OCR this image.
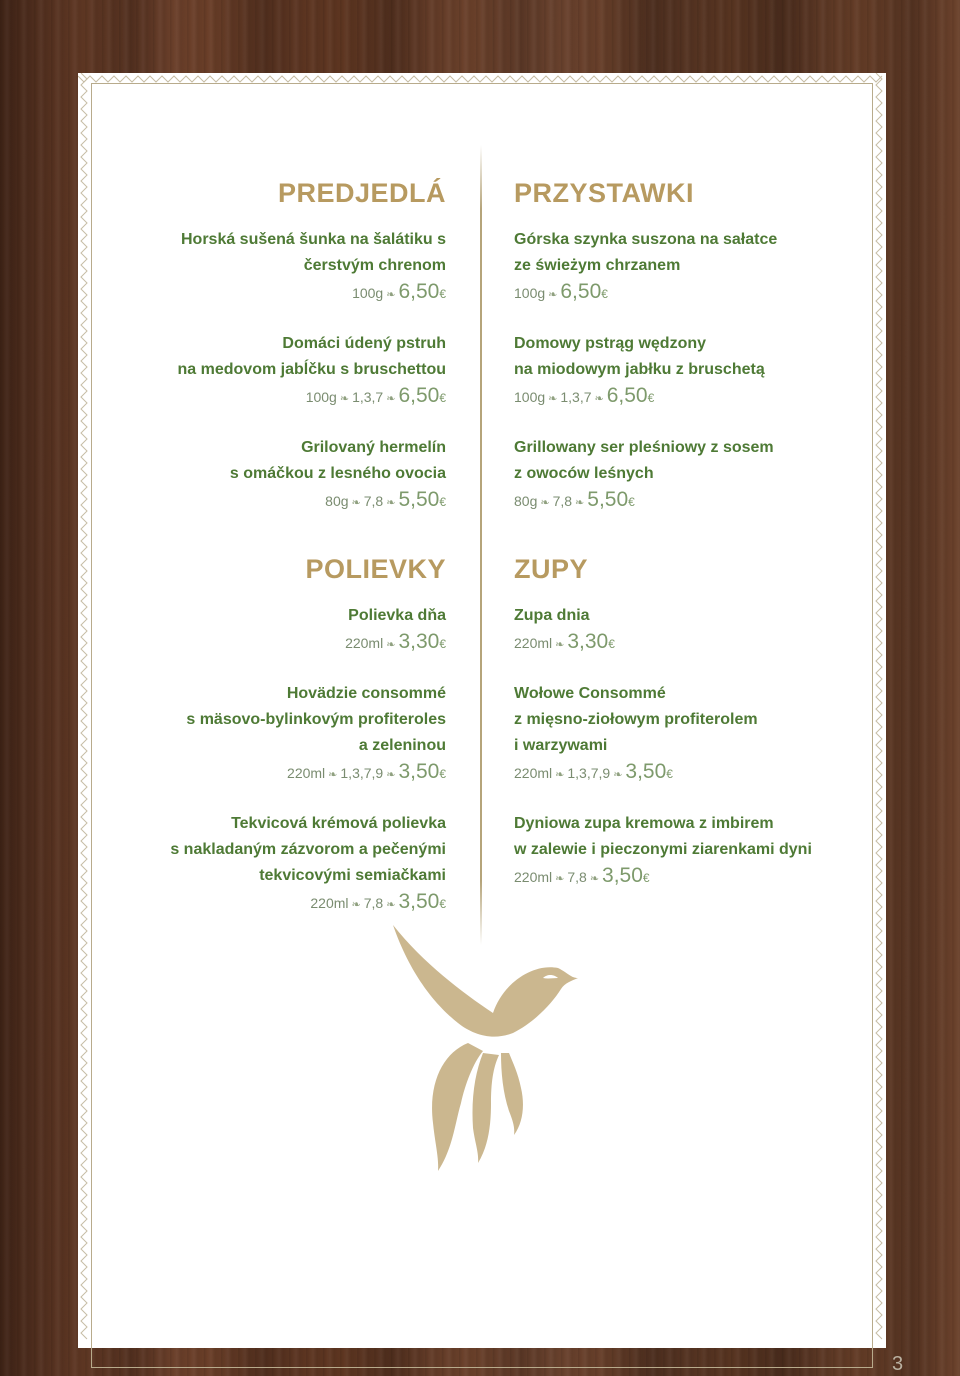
PREDJEDLÁ
Horská sušená šunka na šalátiku s
čerstvým chrenom
100g ❧ 6,50€
Domáci údený pstruh
na medovom jabĺčku s bruschettou
100g ❧ 1,3,7 ❧ 6,50€
Grilovaný hermelín
s omáčkou z lesného ovocia
80g ❧ 7,8 ❧ 5,50€
POLIEVKY
Polievka dňa
220ml ❧ 3,30€
Hovädzie consommé
s mäsovo-bylinkovým profiteroles
a zeleninou
220ml ❧ 1,3,7,9 ❧ 3,50€
Tekvicová krémová polievka
s nakladaným zázvorom a pečenými
tekvicovými semiačkami
220ml ❧ 7,8 ❧ 3,50€
PRZYSTAWKI
Górska szynka suszona na sałatce
ze świeżym chrzanem
100g ❧ 6,50€
Domowy pstrąg wędzony
na miodowym jabłku z bruschetą
100g ❧ 1,3,7 ❧ 6,50€
Grillowany ser pleśniowy z sosem
z owoców leśnych
80g ❧ 7,8 ❧ 5,50€
ZUPY
Zupa dnia
220ml ❧ 3,30€
Wołowe Consommé
z mięsno-ziołowym profiterolem
i warzywami
220ml ❧ 1,3,7,9 ❧ 3,50€
Dyniowa zupa kremowa z imbirem
w zalewie i pieczonymi ziarenkami dyni
220ml ❧ 7,8 ❧ 3,50€
3
